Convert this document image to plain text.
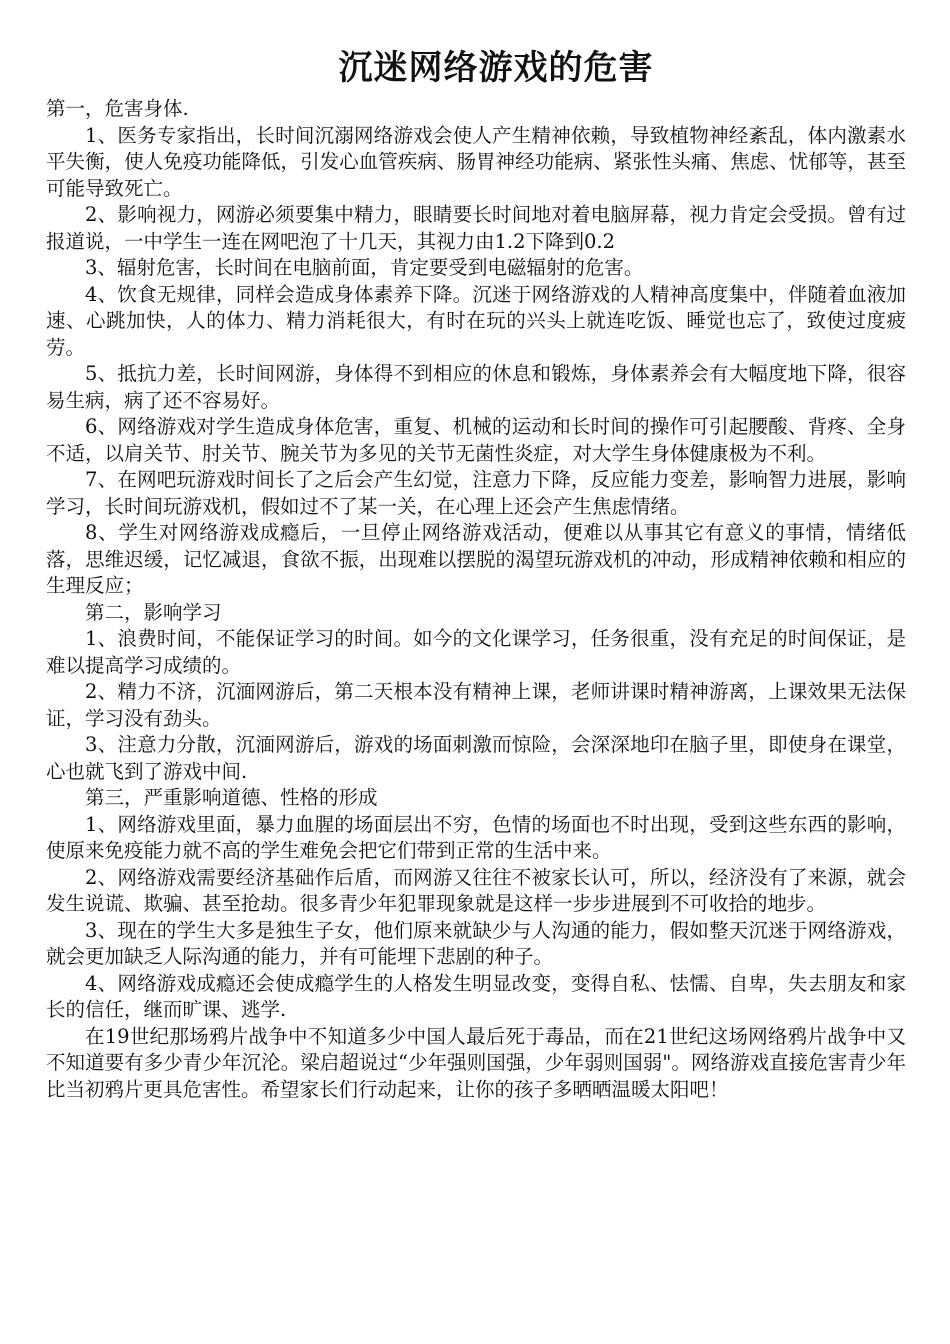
沉迷网络游戏的危害

第一，危害身体.

1、医务专家指出，长时间沉溺网络游戏会使人产生精神依赖，导致植物神经紊乱，体内激素水平失衡，使人免疫功能降低，引发心血管疾病、肠胃神经功能病、紧张性头痛、焦虑、忧郁等，甚至可能导致死亡。

2、影响视力，网游必须要集中精力，眼睛要长时间地对着电脑屏幕，视力肯定会受损。曾有过报道说，一中学生一连在网吧泡了十几天，其视力由1.2下降到0.2

3、辐射危害，长时间在电脑前面，肯定要受到电磁辐射的危害。

4、饮食无规律，同样会造成身体素养下降。沉迷于网络游戏的人精神高度集中，伴随着血液加速、心跳加快，人的体力、精力消耗很大，有时在玩的兴头上就连吃饭、睡觉也忘了，致使过度疲劳。

5、抵抗力差，长时间网游，身体得不到相应的休息和锻炼，身体素养会有大幅度地下降，很容易生病，病了还不容易好。

6、网络游戏对学生造成身体危害，重复、机械的运动和长时间的操作可引起腰酸、背疼、全身不适，以肩关节、肘关节、腕关节为多见的关节无菌性炎症，对大学生身体健康极为不利。

7、在网吧玩游戏时间长了之后会产生幻觉，注意力下降，反应能力变差，影响智力进展，影响学习，长时间玩游戏机，假如过不了某一关，在心理上还会产生焦虑情绪。

8、学生对网络游戏成瘾后，一旦停止网络游戏活动，便难以从事其它有意义的事情，情绪低落，思维迟缓，记忆减退，食欲不振，出现难以摆脱的渴望玩游戏机的冲动，形成精神依赖和相应的生理反应；

第二，影响学习

1、浪费时间，不能保证学习的时间。如今的文化课学习，任务很重，没有充足的时间保证，是难以提高学习成绩的。

2、精力不济，沉湎网游后，第二天根本没有精神上课，老师讲课时精神游离，上课效果无法保证，学习没有劲头。

3、注意力分散，沉湎网游后，游戏的场面刺激而惊险，会深深地印在脑子里，即使身在课堂，心也就飞到了游戏中间.

第三，严重影响道德、性格的形成

1、网络游戏里面，暴力血腥的场面层出不穷，色情的场面也不时出现，受到这些东西的影响，使原来免疫能力就不高的学生难免会把它们带到正常的生活中来。

2、网络游戏需要经济基础作后盾，而网游又往往不被家长认可，所以，经济没有了来源，就会发生说谎、欺骗、甚至抢劫。很多青少年犯罪现象就是这样一步步进展到不可收拾的地步。

3、现在的学生大多是独生子女，他们原来就缺少与人沟通的能力，假如整天沉迷于网络游戏，就会更加缺乏人际沟通的能力，并有可能埋下悲剧的种子。

4、网络游戏成瘾还会使成瘾学生的人格发生明显改变，变得自私、怯懦、自卑，失去朋友和家长的信任，继而旷课、逃学.

在19世纪那场鸦片战争中不知道多少中国人最后死于毒品，而在21世纪这场网络鸦片战争中又不知道要有多少青少年沉沦。梁启超说过“少年强则国强，少年弱则国弱"。网络游戏直接危害青少年比当初鸦片更具危害性。希望家长们行动起来，让你的孩子多晒晒温暖太阳吧！
